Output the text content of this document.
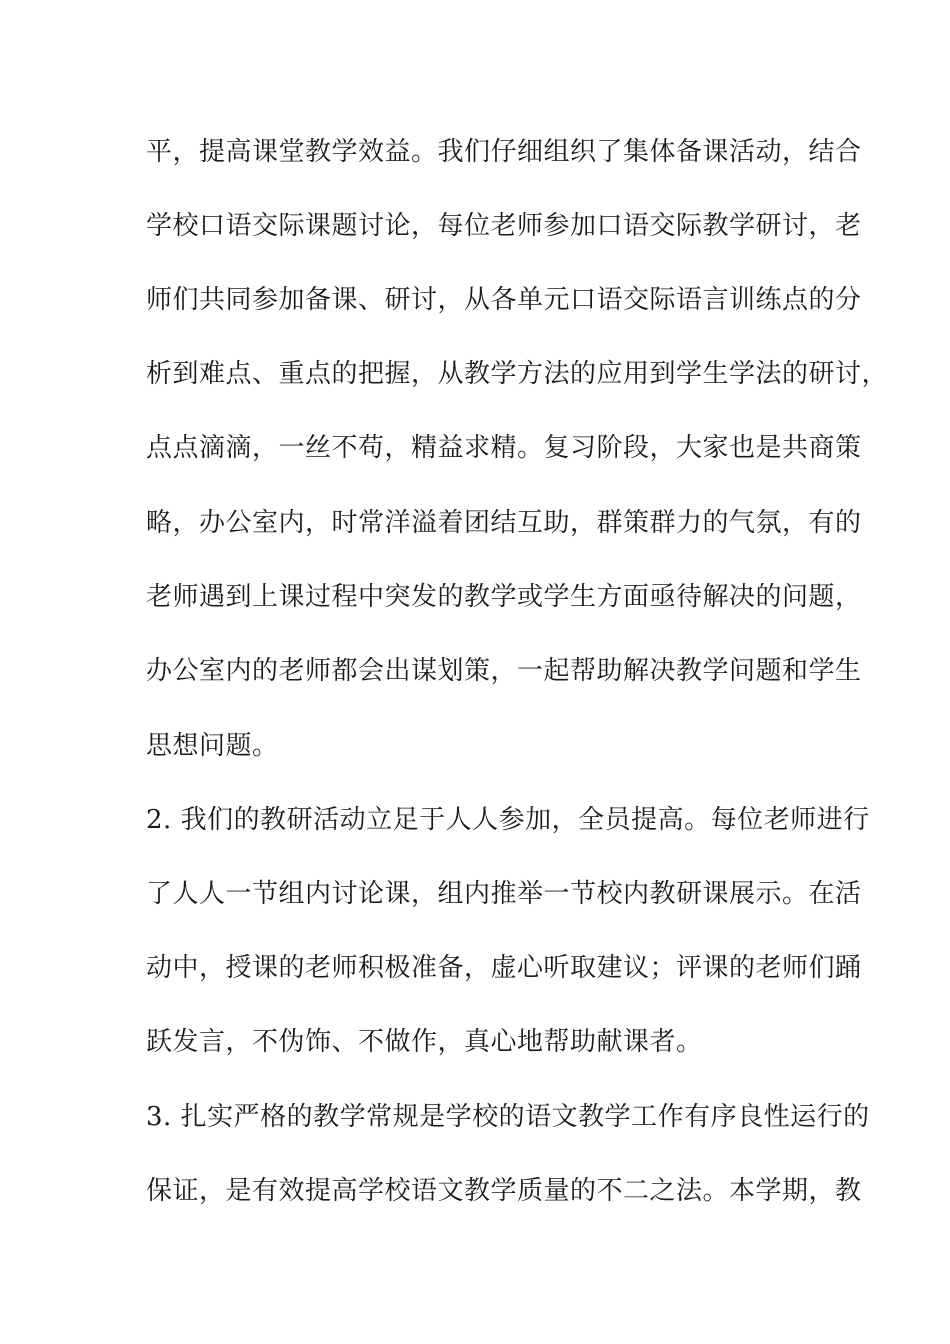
平，提高课堂教学效益。我们仔细组织了集体备课活动，结合
学校口语交际课题讨论，每位老师参加口语交际教学研讨，老
师们共同参加备课、研讨，从各单元口语交际语言训练点的分
析到难点、重点的把握，从教学方法的应用到学生学法的研讨，
点点滴滴，一丝不苟，精益求精。复习阶段，大家也是共商策
略，办公室内，时常洋溢着团结互助，群策群力的气氛，有的
老师遇到上课过程中突发的教学或学生方面亟待解决的问题，
办公室内的老师都会出谋划策，一起帮助解决教学问题和学生
思想问题。
2. 我们的教研活动立足于人人参加，全员提高。每位老师进行
了人人一节组内讨论课，组内推举一节校内教研课展示。在活
动中，授课的老师积极准备，虚心听取建议；评课的老师们踊
跃发言，不伪饰、不做作，真心地帮助献课者。
3. 扎实严格的教学常规是学校的语文教学工作有序良性运行的
保证，是有效提高学校语文教学质量的不二之法。本学期，教
